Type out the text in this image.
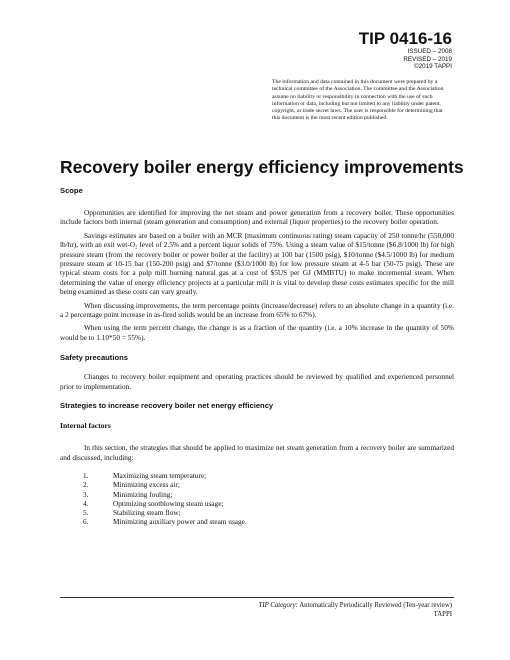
TIP 0416-16
ISSUED – 2008
REVISED – 2019
©2019 TAPPI

The information and data contained in this document were prepared by a technical committee of the Association. The committee and the Association assume no liability or responsibility in connection with the use of such information or data, including but not limited to any liability under patent, copyright, or trade secret laws. The user is responsible for determining that this document is the most recent edition published.

Recovery boiler energy efficiency improvements
Scope

Opportunities are identified for improving the net steam and power generation from a recovery boiler. These opportunities include factors both internal (steam generation and consumption) and external (liquor properties) to the recovery boiler operation.

Savings estimates are based on a boiler with an MCR (maximum continuous rating) steam capacity of 250 tonne/hr (550,000 lb/hr), with an exit wet-O₂ level of 2.5% and a percent liquor solids of 75%. Using a steam value of $15/tonne ($6.8/1000 lb) for high pressure steam (from the recovery boiler or power boiler at the facility) at 100 bar (1500 psig), $10/tonne ($4.5/1000 lb) for medium pressure steam at 10-15 bar (150-200 psig) and $7/tonne ($3.0/1000 lb) for low pressure steam at 4-5 bar (50-75 psig). These are typical steam costs for a pulp mill burning natural gas at a cost of $5US per GJ (MMBTU) to make incremental steam. When determining the value of energy efficiency projects at a particular mill it is vital to develop these costs estimates specific for the mill being examined as these costs can vary greatly.

When discussing improvements, the term percentage points (increase/decrease) refers to an absolute change in a quantity (i.e. a 2 percentage point increase in as-fired solids would be an increase from 65% to 67%).

When using the term percent change, the change is as a fraction of the quantity (i.e. a 10% increase in the quantity of 50% would be to 1.10*50 = 55%).

Safety precautions

Changes to recovery boiler equipment and operating practices should be reviewed by qualified and experienced personnel prior to implementation.

Strategies to increase recovery boiler net energy efficiency
Internal factors

In this section, the strategies that should be applied to maximize net steam generation from a recovery boiler are summarized and discussed, including:

1.	Maximizing steam temperature;
2.	Minimizing excess air;
3.	Minimizing fouling;
4.	Optimizing sootblowing steam usage;
5.	Stabilizing steam flow;
6.	Minimizing auxiliary power and steam usage.
TIP Category: Automatically Periodically Reviewed (Ten-year review)
TAPPI
